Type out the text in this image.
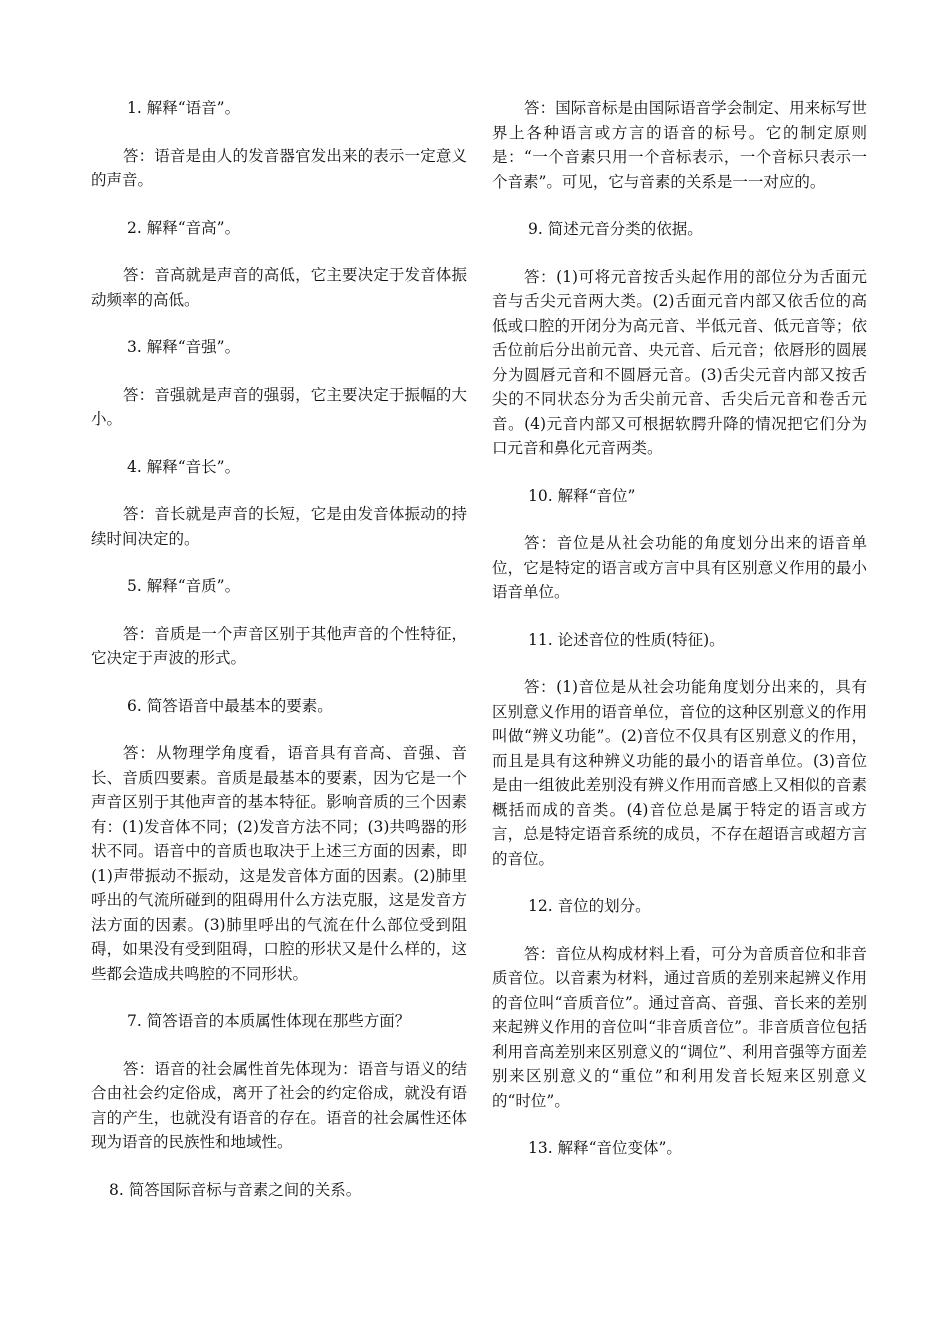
1. 解释“语音”。

答：语音是由人的发音器官发出来的表示一定意义的声音。

2. 解释“音高”。

答：音高就是声音的高低，它主要决定于发音体振动频率的高低。

3. 解释“音强”。

答：音强就是声音的强弱，它主要决定于振幅的大小。

4. 解释“音长”。

答：音长就是声音的长短，它是由发音体振动的持续时间决定的。

5. 解释“音质”。

答：音质是一个声音区别于其他声音的个性特征，它决定于声波的形式。

6. 简答语音中最基本的要素。

答：从物理学角度看，语音具有音高、音强、音长、音质四要素。音质是最基本的要素，因为它是一个声音区别于其他声音的基本特征。影响音质的三个因素有：(1)发音体不同；(2)发音方法不同；(3)共鸣器的形状不同。语音中的音质也取决于上述三方面的因素，即(1)声带振动不振动，这是发音体方面的因素。(2)肺里呼出的气流所碰到的阻碍用什么方法克服，这是发音方法方面的因素。(3)肺里呼出的气流在什么部位受到阻碍，如果没有受到阻碍，口腔的形状又是什么样的，这些都会造成共鸣腔的不同形状。

7. 简答语音的本质属性体现在那些方面？

答：语音的社会属性首先体现为：语音与语义的结合由社会约定俗成，离开了社会的约定俗成，就没有语言的产生，也就没有语音的存在。语音的社会属性还体现为语音的民族性和地域性。

8. 简答国际音标与音素之间的关系。

答：国际音标是由国际语音学会制定、用来标写世界上各种语言或方言的语音的标号。它的制定原则是：“一个音素只用一个音标表示，一个音标只表示一个音素”。可见，它与音素的关系是一一对应的。

9. 简述元音分类的依据。

答：(1)可将元音按舌头起作用的部位分为舌面元音与舌尖元音两大类。(2)舌面元音内部又依舌位的高低或口腔的开闭分为高元音、半低元音、低元音等；依舌位前后分出前元音、央元音、后元音；依唇形的圆展分为圆唇元音和不圆唇元音。(3)舌尖元音内部又按舌尖的不同状态分为舌尖前元音、舌尖后元音和卷舌元音。(4)元音内部又可根据软腭升降的情况把它们分为口元音和鼻化元音两类。

10. 解释“音位”

答：音位是从社会功能的角度划分出来的语音单位，它是特定的语言或方言中具有区别意义作用的最小语音单位。

11. 论述音位的性质(特征)。

答：(1)音位是从社会功能角度划分出来的，具有区别意义作用的语音单位，音位的这种区别意义的作用叫做“辨义功能”。(2)音位不仅具有区别意义的作用，而且是具有这种辨义功能的最小的语音单位。(3)音位是由一组彼此差别没有辨义作用而音感上又相似的音素概括而成的音类。(4)音位总是属于特定的语言或方言，总是特定语音系统的成员，不存在超语言或超方言的音位。

12. 音位的划分。

答：音位从构成材料上看，可分为音质音位和非音质音位。以音素为材料，通过音质的差别来起辨义作用的音位叫“音质音位”。通过音高、音强、音长来的差别来起辨义作用的音位叫“非音质音位”。非音质音位包括利用音高差别来区别意义的“调位”、利用音强等方面差别来区别意义的“重位”和利用发音长短来区别意义的“时位”。

13. 解释“音位变体”。
